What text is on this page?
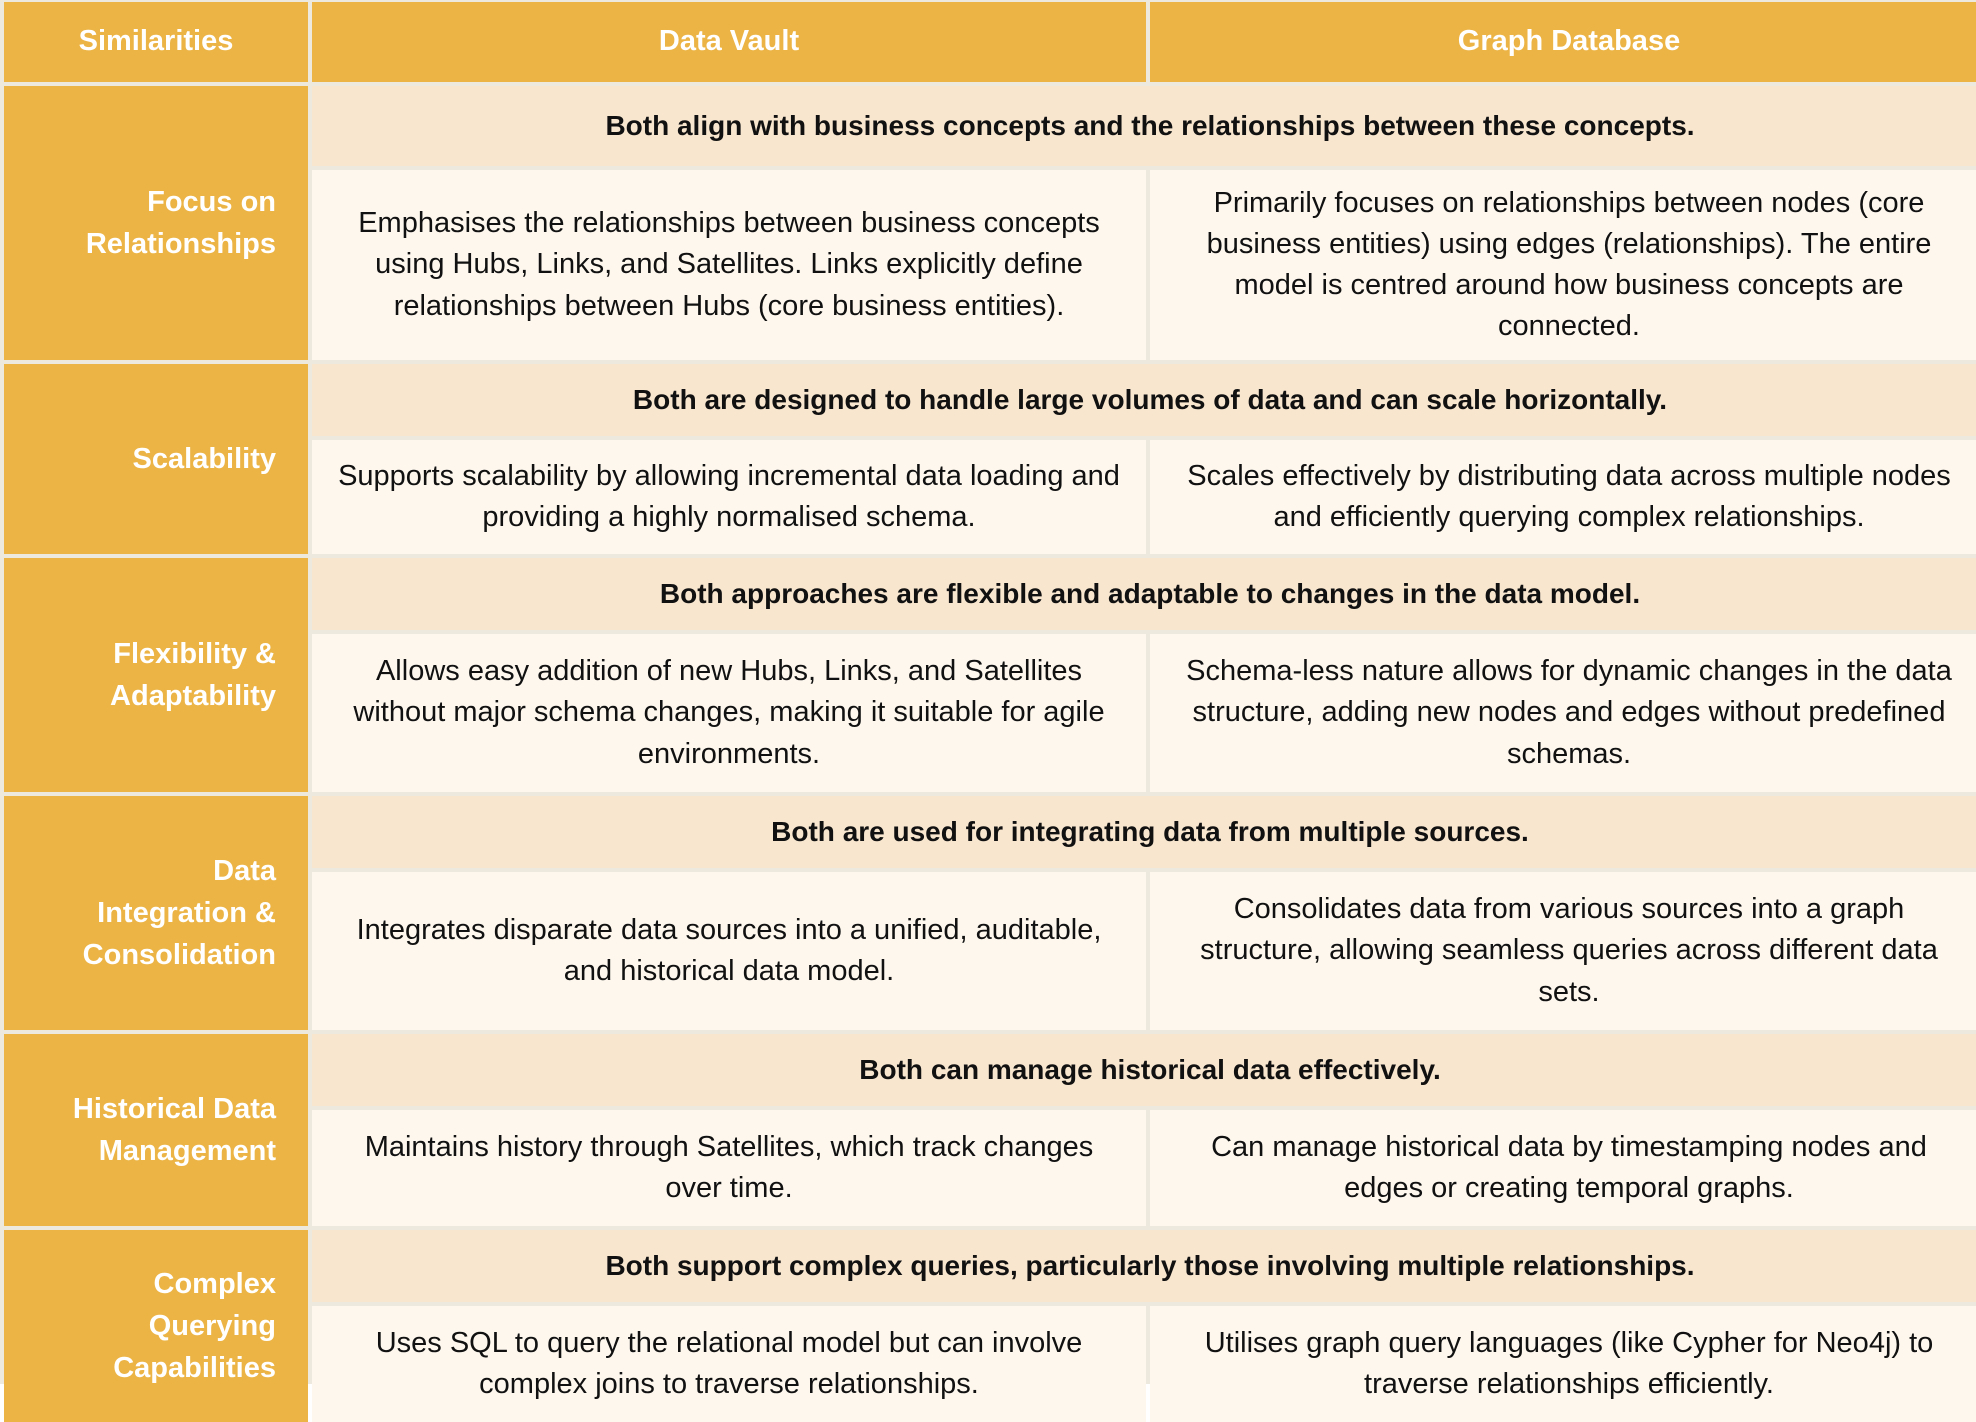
Similarities	Data Vault	Graph Database
Focus on Relationships
Both align with business concepts and the relationships between these concepts.
Emphasises the relationships between business concepts using Hubs, Links, and Satellites. Links explicitly define relationships between Hubs (core business entities).
Primarily focuses on relationships between nodes (core business entities) using edges (relationships). The entire model is centred around how business concepts are connected.
Scalability
Both are designed to handle large volumes of data and can scale horizontally.
Supports scalability by allowing incremental data loading and providing a highly normalised schema.
Scales effectively by distributing data across multiple nodes and efficiently querying complex relationships.
Flexibility & Adaptability
Both approaches are flexible and adaptable to changes in the data model.
Allows easy addition of new Hubs, Links, and Satellites without major schema changes, making it suitable for agile environments.
Schema-less nature allows for dynamic changes in the data structure, adding new nodes and edges without predefined schemas.
Data Integration & Consolidation
Both are used for integrating data from multiple sources.
Integrates disparate data sources into a unified, auditable, and historical data model.
Consolidates data from various sources into a graph structure, allowing seamless queries across different data sets.
Historical Data Management
Both can manage historical data effectively.
Maintains history through Satellites, which track changes over time.
Can manage historical data by timestamping nodes and edges or creating temporal graphs.
Complex Querying Capabilities
Both support complex queries, particularly those involving multiple relationships.
Uses SQL to query the relational model but can involve complex joins to traverse relationships.
Utilises graph query languages (like Cypher for Neo4j) to traverse relationships efficiently.
